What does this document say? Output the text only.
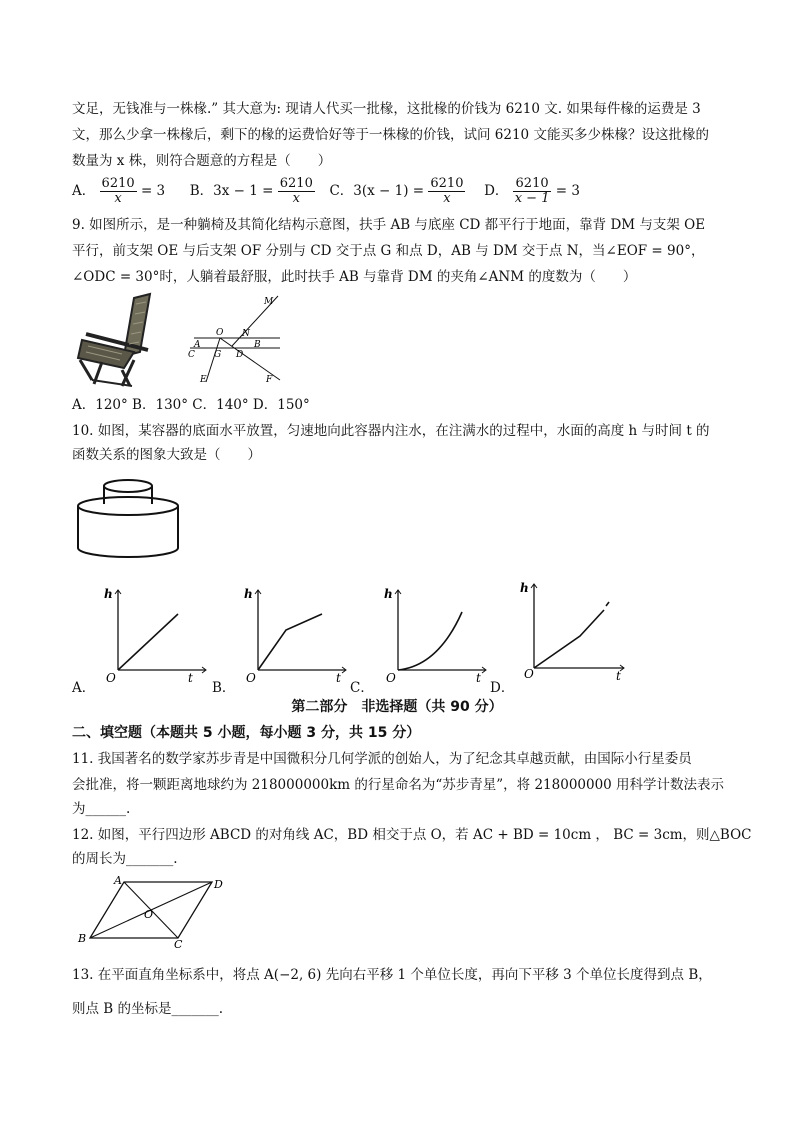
文足，无钱准与一株椽.” 其大意为: 现请人代买一批椽，这批椽的价钱为 6210 文. 如果每件椽的运费是 3
文，那么少拿一株椽后，剩下的椽的运费恰好等于一株椽的价钱，试问 6210 文能买多少株椽？设这批椽的
数量为 x 株，则符合题意的方程是（　　）
A． $\frac{6210}{x} = 3$ B．$3x - 1 = \frac{6210}{x}$ C．$3(x - 1) = \frac{6210}{x}$ D． $\frac{6210}{x - 1} = 3$
9. 如图所示，是一种躺椅及其简化结构示意图，扶手 AB 与底座 CD 都平行于地面，靠背 DM 与支架 OE
平行，前支架 OE 与后支架 OF 分别与 CD 交于点 G 和点 D，AB 与 DM 交于点 N，当∠EOF = 90°，
∠ODC = 30°时，人躺着最舒服，此时扶手 AB 与靠背 DM 的夹角∠ANM 的度数为（　　）
M
A
O N
B
C G D
E	F
A．120° B．130° C．140° D．150°
10. 如图，某容器的底面水平放置，匀速地向此容器内注水，在注满水的过程中，水面的高度 h 与时间 t 的
函数关系的图象大致是（　　）
h
t
O
A．
h
t
O
B．
h
t
O
C．
h
t
O
D．
第二部分　非选择题（共 90 分）
二、填空题（本题共 5 小题，每小题 3 分，共 15 分）
11. 我国著名的数学家苏步青是中国微积分几何学派的创始人，为了纪念其卓越贡献，由国际小行星委员
会批准，将一颗距离地球约为 218000000km 的行星命名为“苏步青星”，将 218000000 用科学计数法表示
为______.
12. 如图，平行四边形 ABCD 的对角线 AC，BD 相交于点 O，若 AC + BD = 10cm ， BC = 3cm，则△BOC
的周长为_______.
A	D
O
B	C
13. 在平面直角坐标系中，将点 A(−2, 6) 先向右平移 1 个单位长度，再向下平移 3 个单位长度得到点 B，
则点 B 的坐标是_______.
